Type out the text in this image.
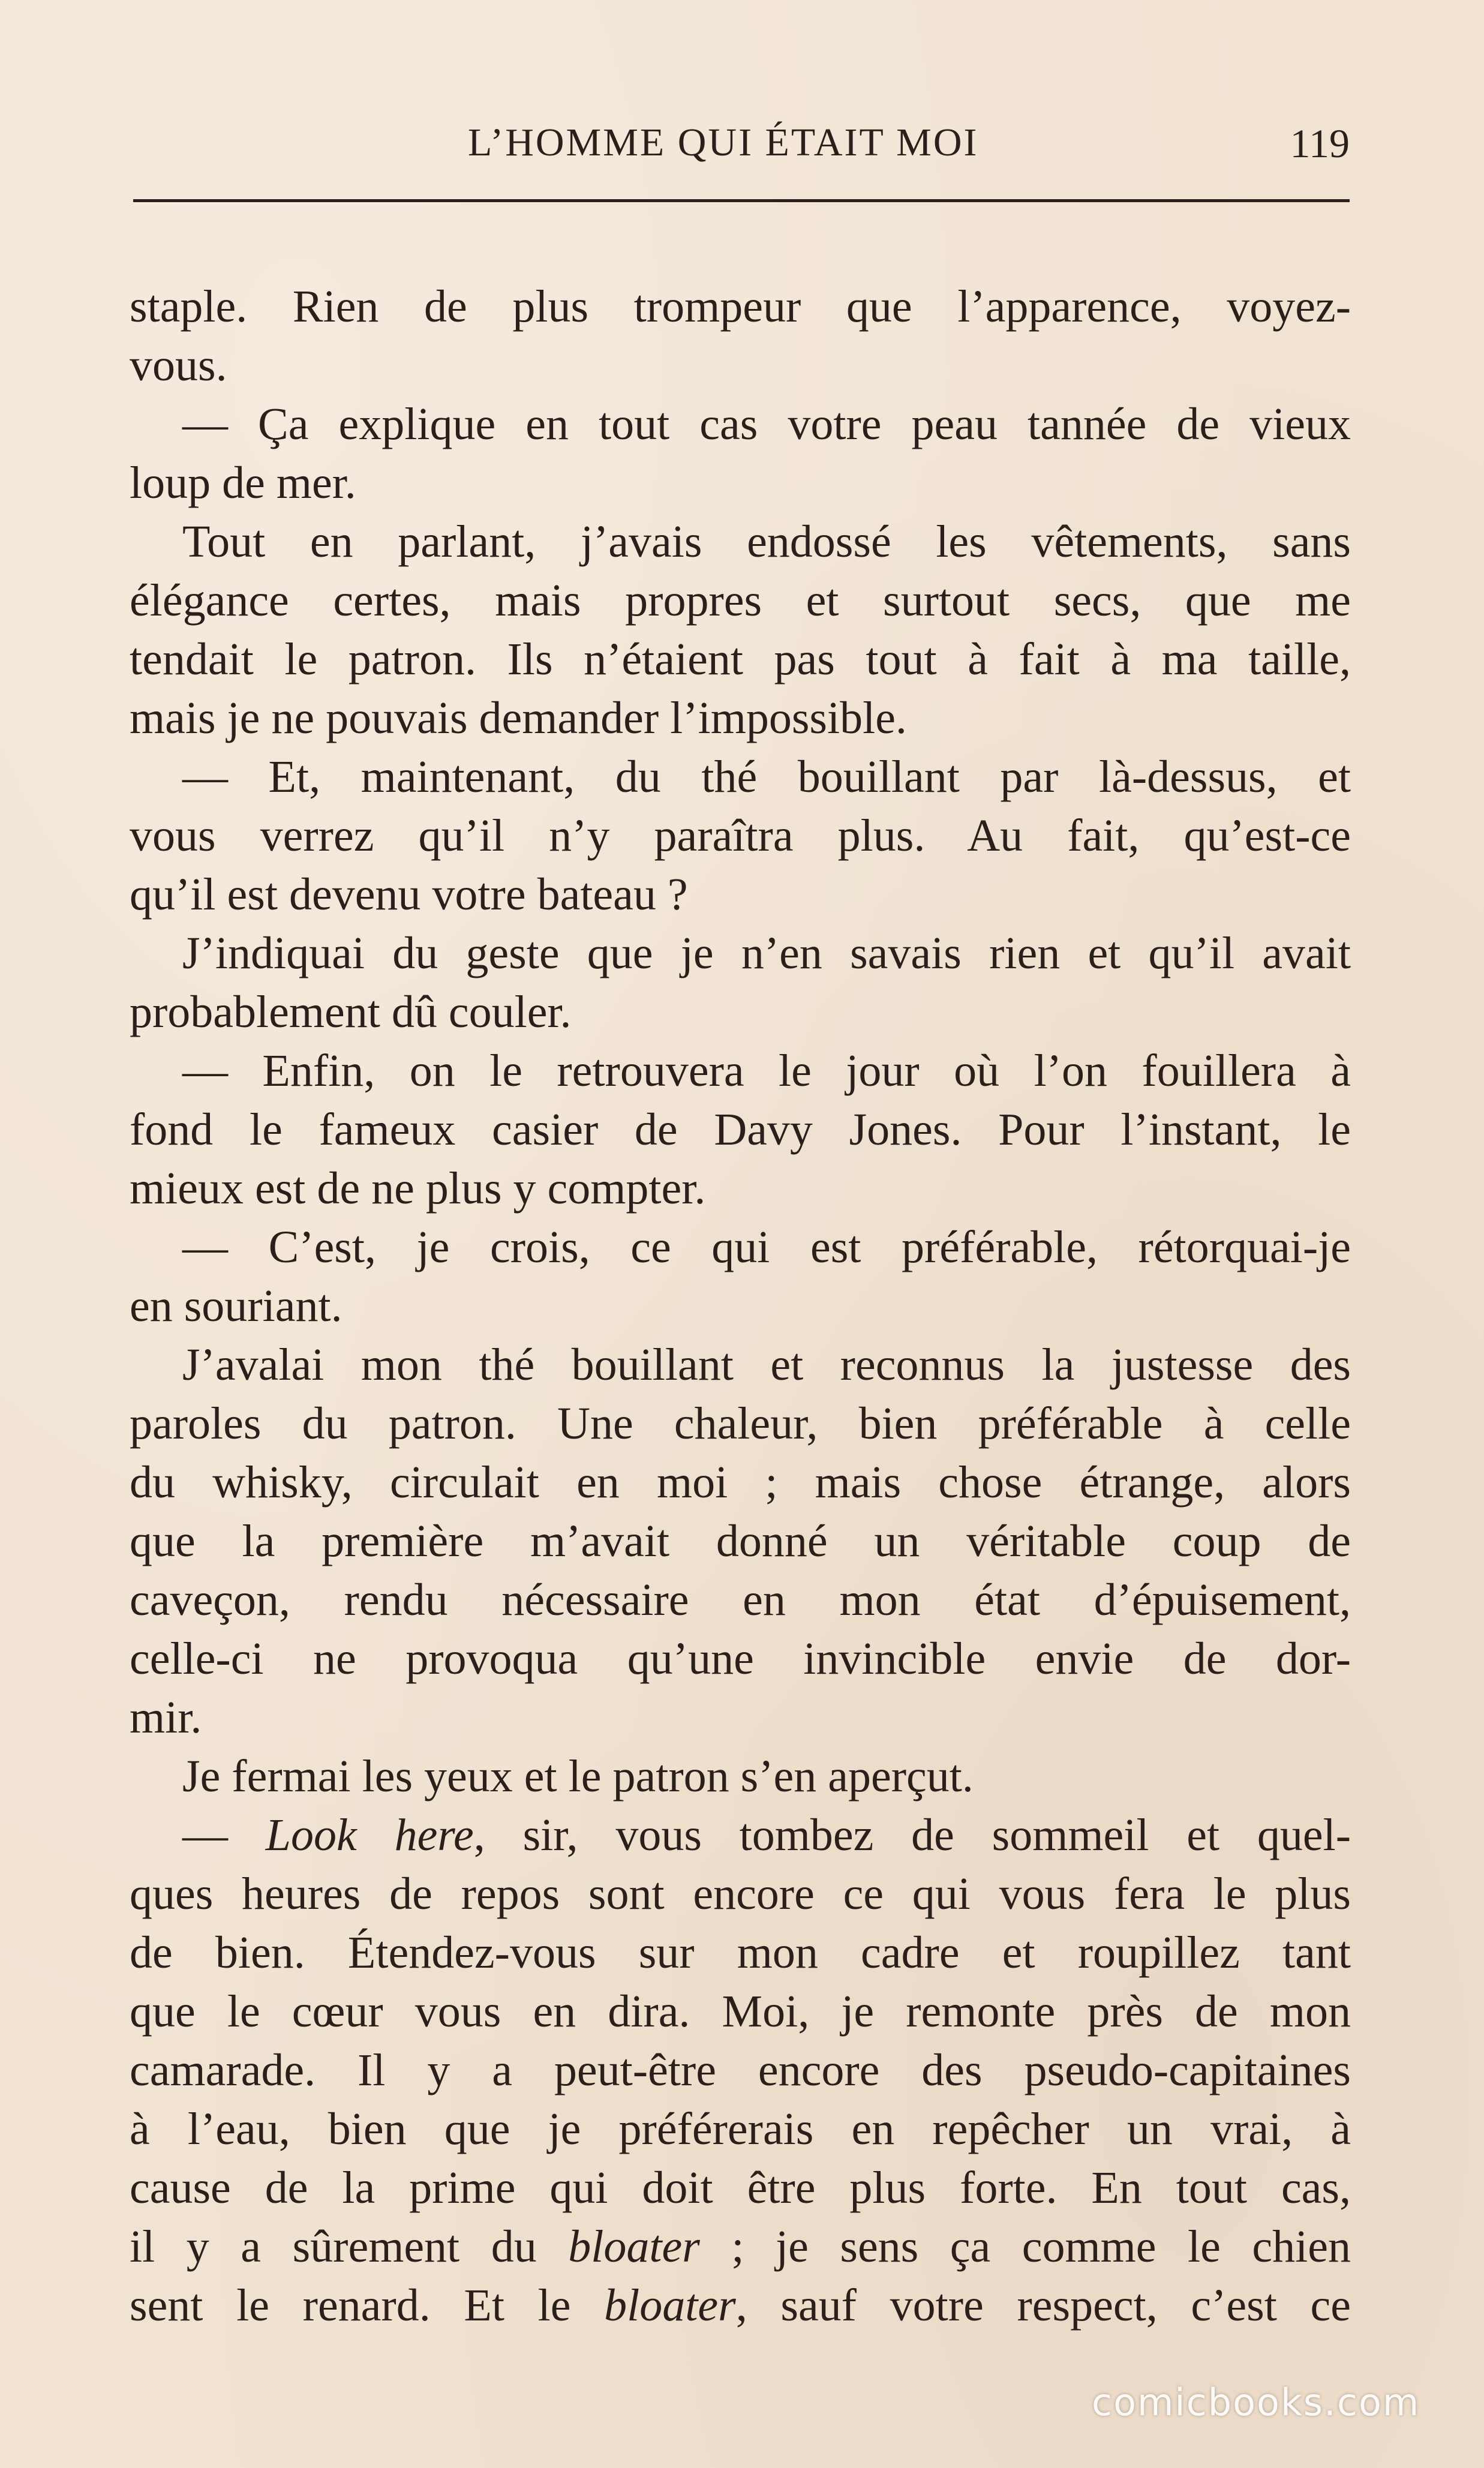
L’HOMME QUI ÉTAIT MOI	119
staple. Rien de plus trompeur que l’apparence, voyez-
vous.
— Ça explique en tout cas votre peau tannée de vieux
loup de mer.
Tout en parlant, j’avais endossé les vêtements, sans
élégance certes, mais propres et surtout secs, que me
tendait le patron. Ils n’étaient pas tout à fait à ma taille,
mais je ne pouvais demander l’impossible.
— Et, maintenant, du thé bouillant par là-dessus, et
vous verrez qu’il n’y paraîtra plus. Au fait, qu’est-ce
qu’il est devenu votre bateau ?
J’indiquai du geste que je n’en savais rien et qu’il avait
probablement dû couler.
— Enfin, on le retrouvera le jour où l’on fouillera à
fond le fameux casier de Davy Jones. Pour l’instant, le
mieux est de ne plus y compter.
— C’est, je crois, ce qui est préférable, rétorquai-je
en souriant.
J’avalai mon thé bouillant et reconnus la justesse des
paroles du patron. Une chaleur, bien préférable à celle
du whisky, circulait en moi ; mais chose étrange, alors
que la première m’avait donné un véritable coup de
caveçon, rendu nécessaire en mon état d’épuisement,
celle-ci ne provoqua qu’une invincible envie de dor-
mir.
Je fermai les yeux et le patron s’en aperçut.
— Look here, sir, vous tombez de sommeil et quel-
ques heures de repos sont encore ce qui vous fera le plus
de bien. Étendez-vous sur mon cadre et roupillez tant
que le cœur vous en dira. Moi, je remonte près de mon
camarade. Il y a peut-être encore des pseudo-capitaines
à l’eau, bien que je préférerais en repêcher un vrai, à
cause de la prime qui doit être plus forte. En tout cas,
il y a sûrement du bloater ; je sens ça comme le chien
sent le renard. Et le bloater, sauf votre respect, c’est ce
comicbooks.com
